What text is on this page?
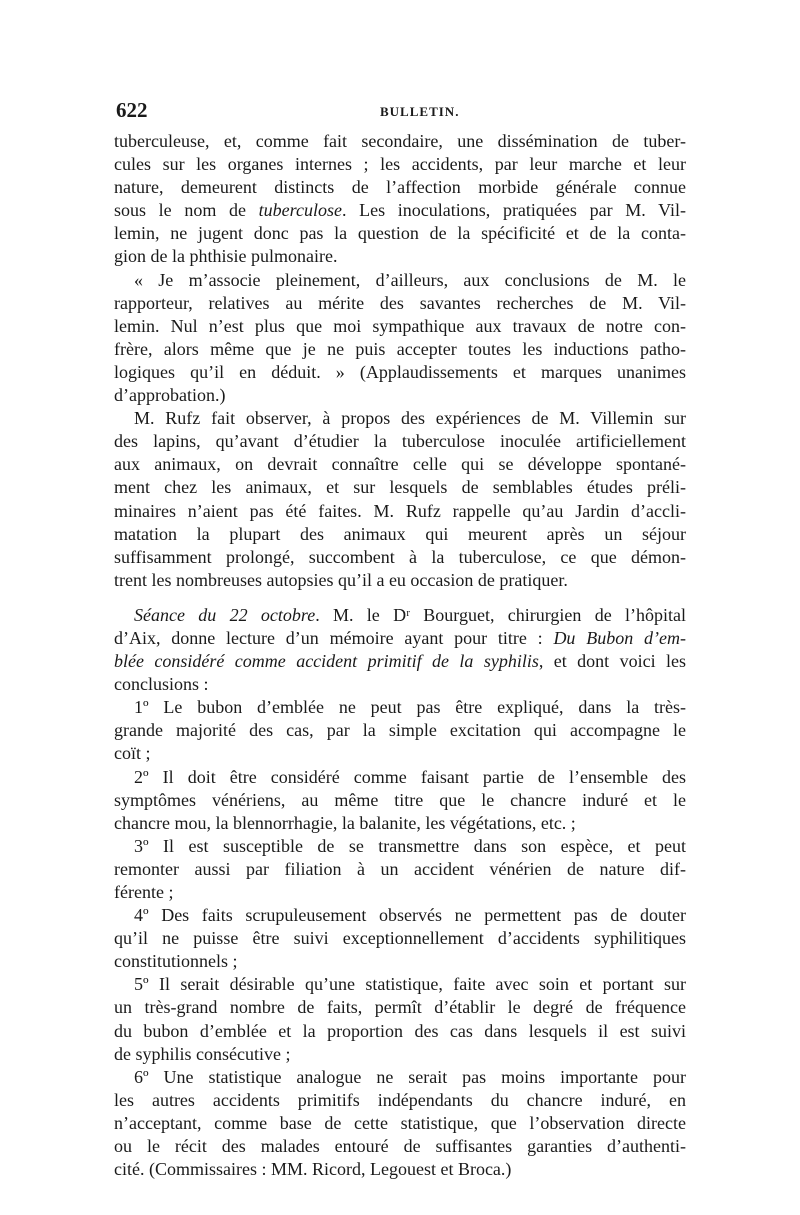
622	BULLETIN.
tuberculeuse, et, comme fait secondaire, une dissémination de tuber-
cules sur les organes internes ; les accidents, par leur marche et leur
nature, demeurent distincts de l’affection morbide générale connue
sous le nom de tuberculose. Les inoculations, pratiquées par M. Vil-
lemin, ne jugent donc pas la question de la spécificité et de la conta-
gion de la phthisie pulmonaire.
« Je m’associe pleinement, d’ailleurs, aux conclusions de M. le
rapporteur, relatives au mérite des savantes recherches de M. Vil-
lemin. Nul n’est plus que moi sympathique aux travaux de notre con-
frère, alors même que je ne puis accepter toutes les inductions patho-
logiques qu’il en déduit. » (Applaudissements et marques unanimes
d’approbation.)
M. Rufz fait observer, à propos des expériences de M. Villemin sur
des lapins, qu’avant d’étudier la tuberculose inoculée artificiellement
aux animaux, on devrait connaître celle qui se développe spontané-
ment chez les animaux, et sur lesquels de semblables études préli-
minaires n’aient pas été faites. M. Rufz rappelle qu’au Jardin d’accli-
matation la plupart des animaux qui meurent après un séjour
suffisamment prolongé, succombent à la tuberculose, ce que démon-
trent les nombreuses autopsies qu’il a eu occasion de pratiquer.
Séance du 22 octobre. M. le Dʳ Bourguet, chirurgien de l’hôpital
d’Aix, donne lecture d’un mémoire ayant pour titre : Du Bubon d’em-
blée considéré comme accident primitif de la syphilis, et dont voici les
conclusions :
1º Le bubon d’emblée ne peut pas être expliqué, dans la très-
grande majorité des cas, par la simple excitation qui accompagne le
coït ;
2º Il doit être considéré comme faisant partie de l’ensemble des
symptômes vénériens, au même titre que le chancre induré et le
chancre mou, la blennorrhagie, la balanite, les végétations, etc. ;
3º Il est susceptible de se transmettre dans son espèce, et peut
remonter aussi par filiation à un accident vénérien de nature dif-
férente ;
4º Des faits scrupuleusement observés ne permettent pas de douter
qu’il ne puisse être suivi exceptionnellement d’accidents syphilitiques
constitutionnels ;
5º Il serait désirable qu’une statistique, faite avec soin et portant sur
un très-grand nombre de faits, permît d’établir le degré de fréquence
du bubon d’emblée et la proportion des cas dans lesquels il est suivi
de syphilis consécutive ;
6º Une statistique analogue ne serait pas moins importante pour
les autres accidents primitifs indépendants du chancre induré, en
n’acceptant, comme base de cette statistique, que l’observation directe
ou le récit des malades entouré de suffisantes garanties d’authenti-
cité. (Commissaires : MM. Ricord, Legouest et Broca.)
